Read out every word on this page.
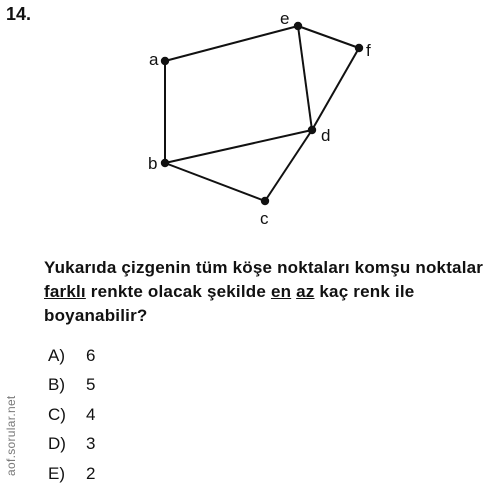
14.
a
b
c
d
e
f
Yukarıda çizgenin tüm köşe noktaları komşu noktalar farklı renkte olacak şekilde en az kaç renk ile boyanabilir?
A)	6
B)	5
C)	4
D)	3
E)	2
aof.sorular.net
